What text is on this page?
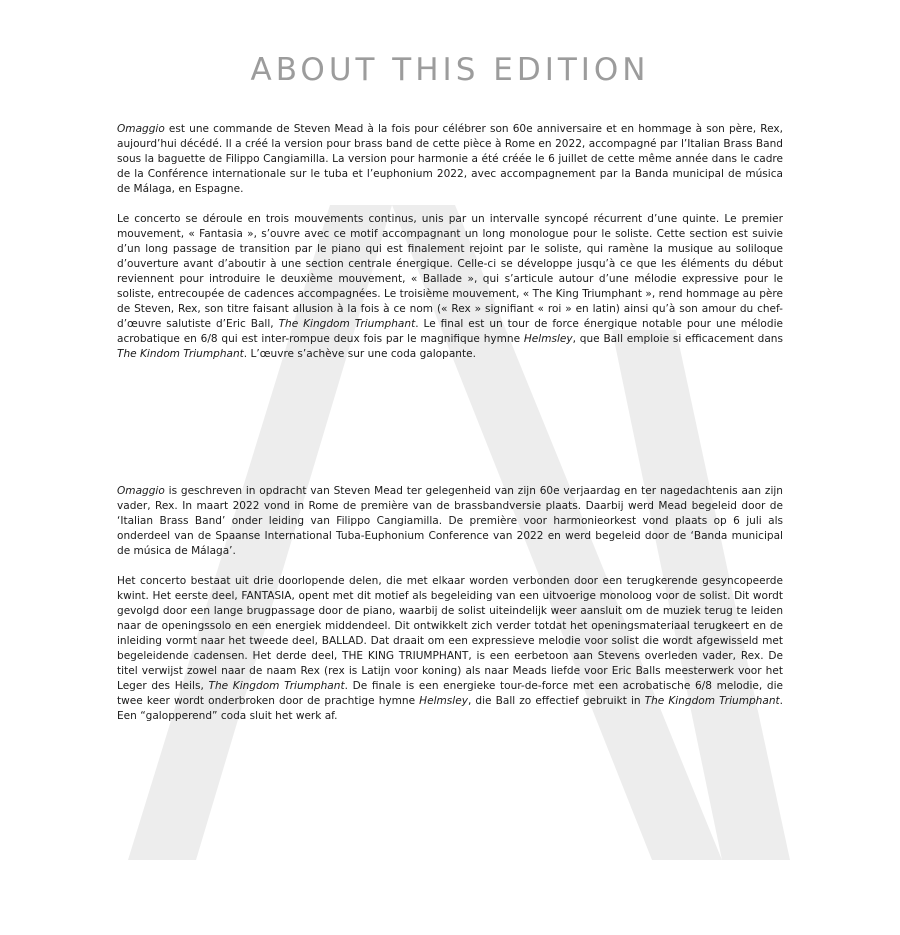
ABOUT THIS EDITION

Omaggio est une commande de Steven Mead à la fois pour célébrer son 60e anniversaire et en hommage à son père, Rex, aujourd’hui décédé. Il a créé la version pour brass band de cette pièce à Rome en 2022, accompagné par l’Italian Brass Band sous la baguette de Filippo Cangiamilla. La version pour harmonie a été créée le 6 juillet de cette même année dans le cadre de la Conférence internationale sur le tuba et l’euphonium 2022, avec accompagnement par la Banda municipal de música de Málaga, en Espagne.

Le concerto se déroule en trois mouvements continus, unis par un intervalle syncopé récurrent d’une quinte. Le premier mouvement, « Fantasia », s’ouvre avec ce motif accompagnant un long monologue pour le soliste. Cette section est suivie d’un long passage de transition par le piano qui est finalement rejoint par le soliste, qui ramène la musique au soliloque d’ouverture avant d’aboutir à une section centrale énergique. Celle-ci se développe jusqu’à ce que les éléments du début reviennent pour introduire le deuxième mouvement, « Ballade », qui s’articule autour d’une mélodie expressive pour le soliste, entrecoupée de cadences accompagnées. Le troisième mouvement, « The King Triumphant », rend hommage au père de Steven, Rex, son titre faisant allusion à la fois à ce nom (« Rex » signifiant « roi » en latin) ainsi qu’à son amour du chef-d’œuvre salutiste d’Eric Ball, The Kingdom Triumphant. Le final est un tour de force énergique notable pour une mélodie acrobatique en 6/8 qui est inter-rompue deux fois par le magnifique hymne Helmsley, que Ball emploie si efficacement dans The Kindom Triumphant. L’œuvre s’achève sur une coda galopante.

Omaggio is geschreven in opdracht van Steven Mead ter gelegenheid van zijn 60e verjaardag en ter nagedachtenis aan zijn vader, Rex. In maart 2022 vond in Rome de première van de brassbandversie plaats. Daarbij werd Mead begeleid door de ‘Italian Brass Band’ onder leiding van Filippo Cangiamilla. De première voor harmonieorkest vond plaats op 6 juli als onderdeel van de Spaanse International Tuba-Euphonium Conference van 2022 en werd begeleid door de ‘Banda municipal de música de Málaga’.

Het concerto bestaat uit drie doorlopende delen, die met elkaar worden verbonden door een terugkerende gesyncopeerde kwint. Het eerste deel, FANTASIA, opent met dit motief als begeleiding van een uitvoerige monoloog voor de solist. Dit wordt gevolgd door een lange brugpassage door de piano, waarbij de solist uiteindelijk weer aansluit om de muziek terug te leiden naar de openingssolo en een energiek middendeel. Dit ontwikkelt zich verder totdat het openingsmateriaal terugkeert en de inleiding vormt naar het tweede deel, BALLAD. Dat draait om een expressieve melodie voor solist die wordt afgewisseld met begeleidende cadensen. Het derde deel, THE KING TRIUMPHANT, is een eerbetoon aan Stevens overleden vader, Rex. De titel verwijst zowel naar de naam Rex (rex is Latijn voor koning) als naar Meads liefde voor Eric Balls meesterwerk voor het Leger des Heils, The Kingdom Triumphant. De finale is een energieke tour-de-force met een acrobatische 6/8 melodie, die twee keer wordt onderbroken door de prachtige hymne Helmsley, die Ball zo effectief gebruikt in The Kingdom Triumphant. Een “galopperend” coda sluit het werk af.
